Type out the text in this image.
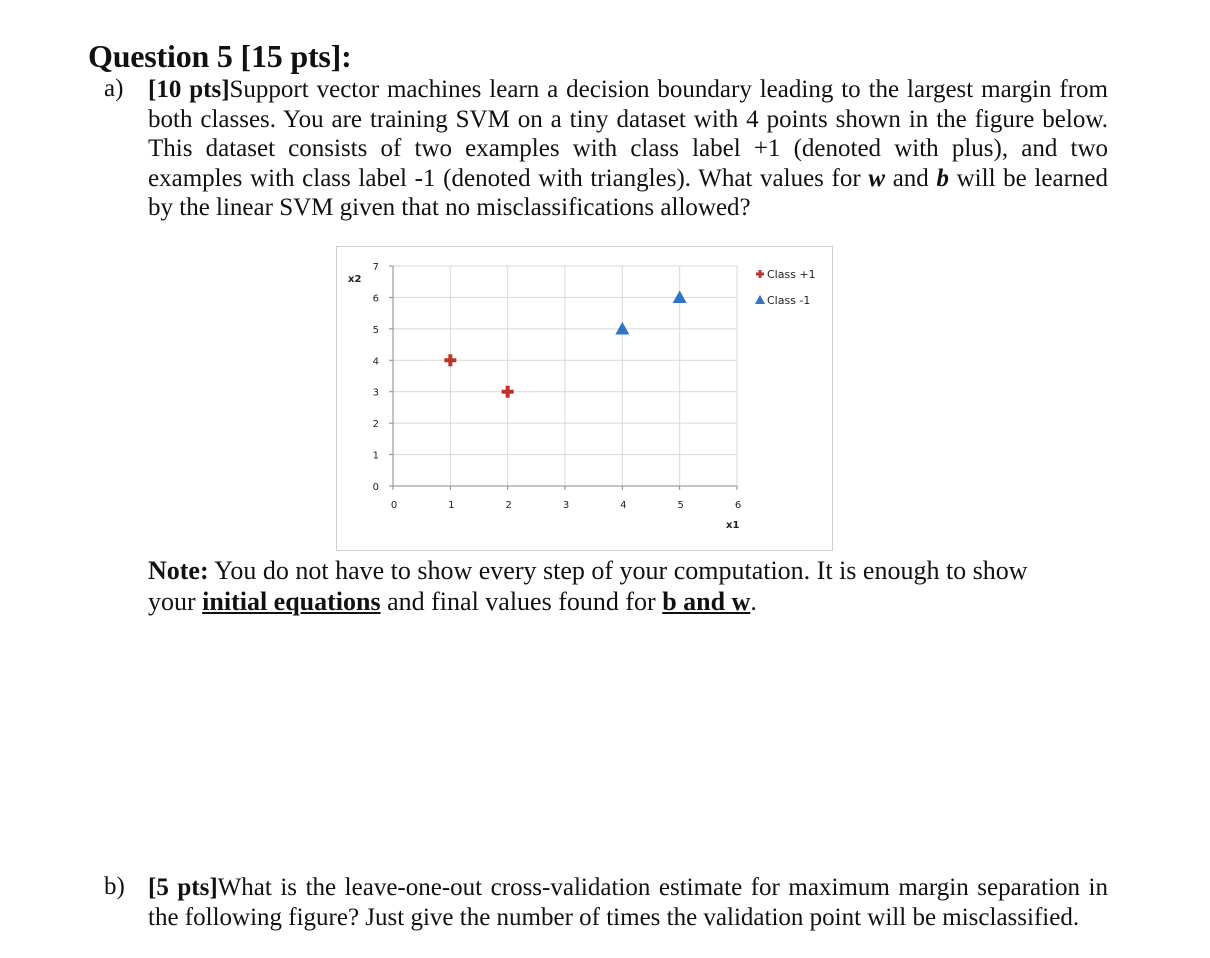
Question 5 [15 pts]:
a) [10 pts]Support vector machines learn a decision boundary leading to the largest margin from
both classes. You are training SVM on a tiny dataset with 4 points shown in the figure below.
This dataset consists of two examples with class label +1 (denoted with plus), and two
examples with class label -1 (denoted with triangles). What values for w and b will be learned
by the linear SVM given that no misclassifications allowed?
0
1
2
3
4
5
6
7
0	1	2	3	4	5	6
x2
x1
Class +1
Class -1
Note: You do not have to show every step of your computation. It is enough to show
your initial equations and final values found for b and w.
b) [5 pts]What is the leave-one-out cross-validation estimate for maximum margin separation in
the following figure? Just give the number of times the validation point will be misclassified.
